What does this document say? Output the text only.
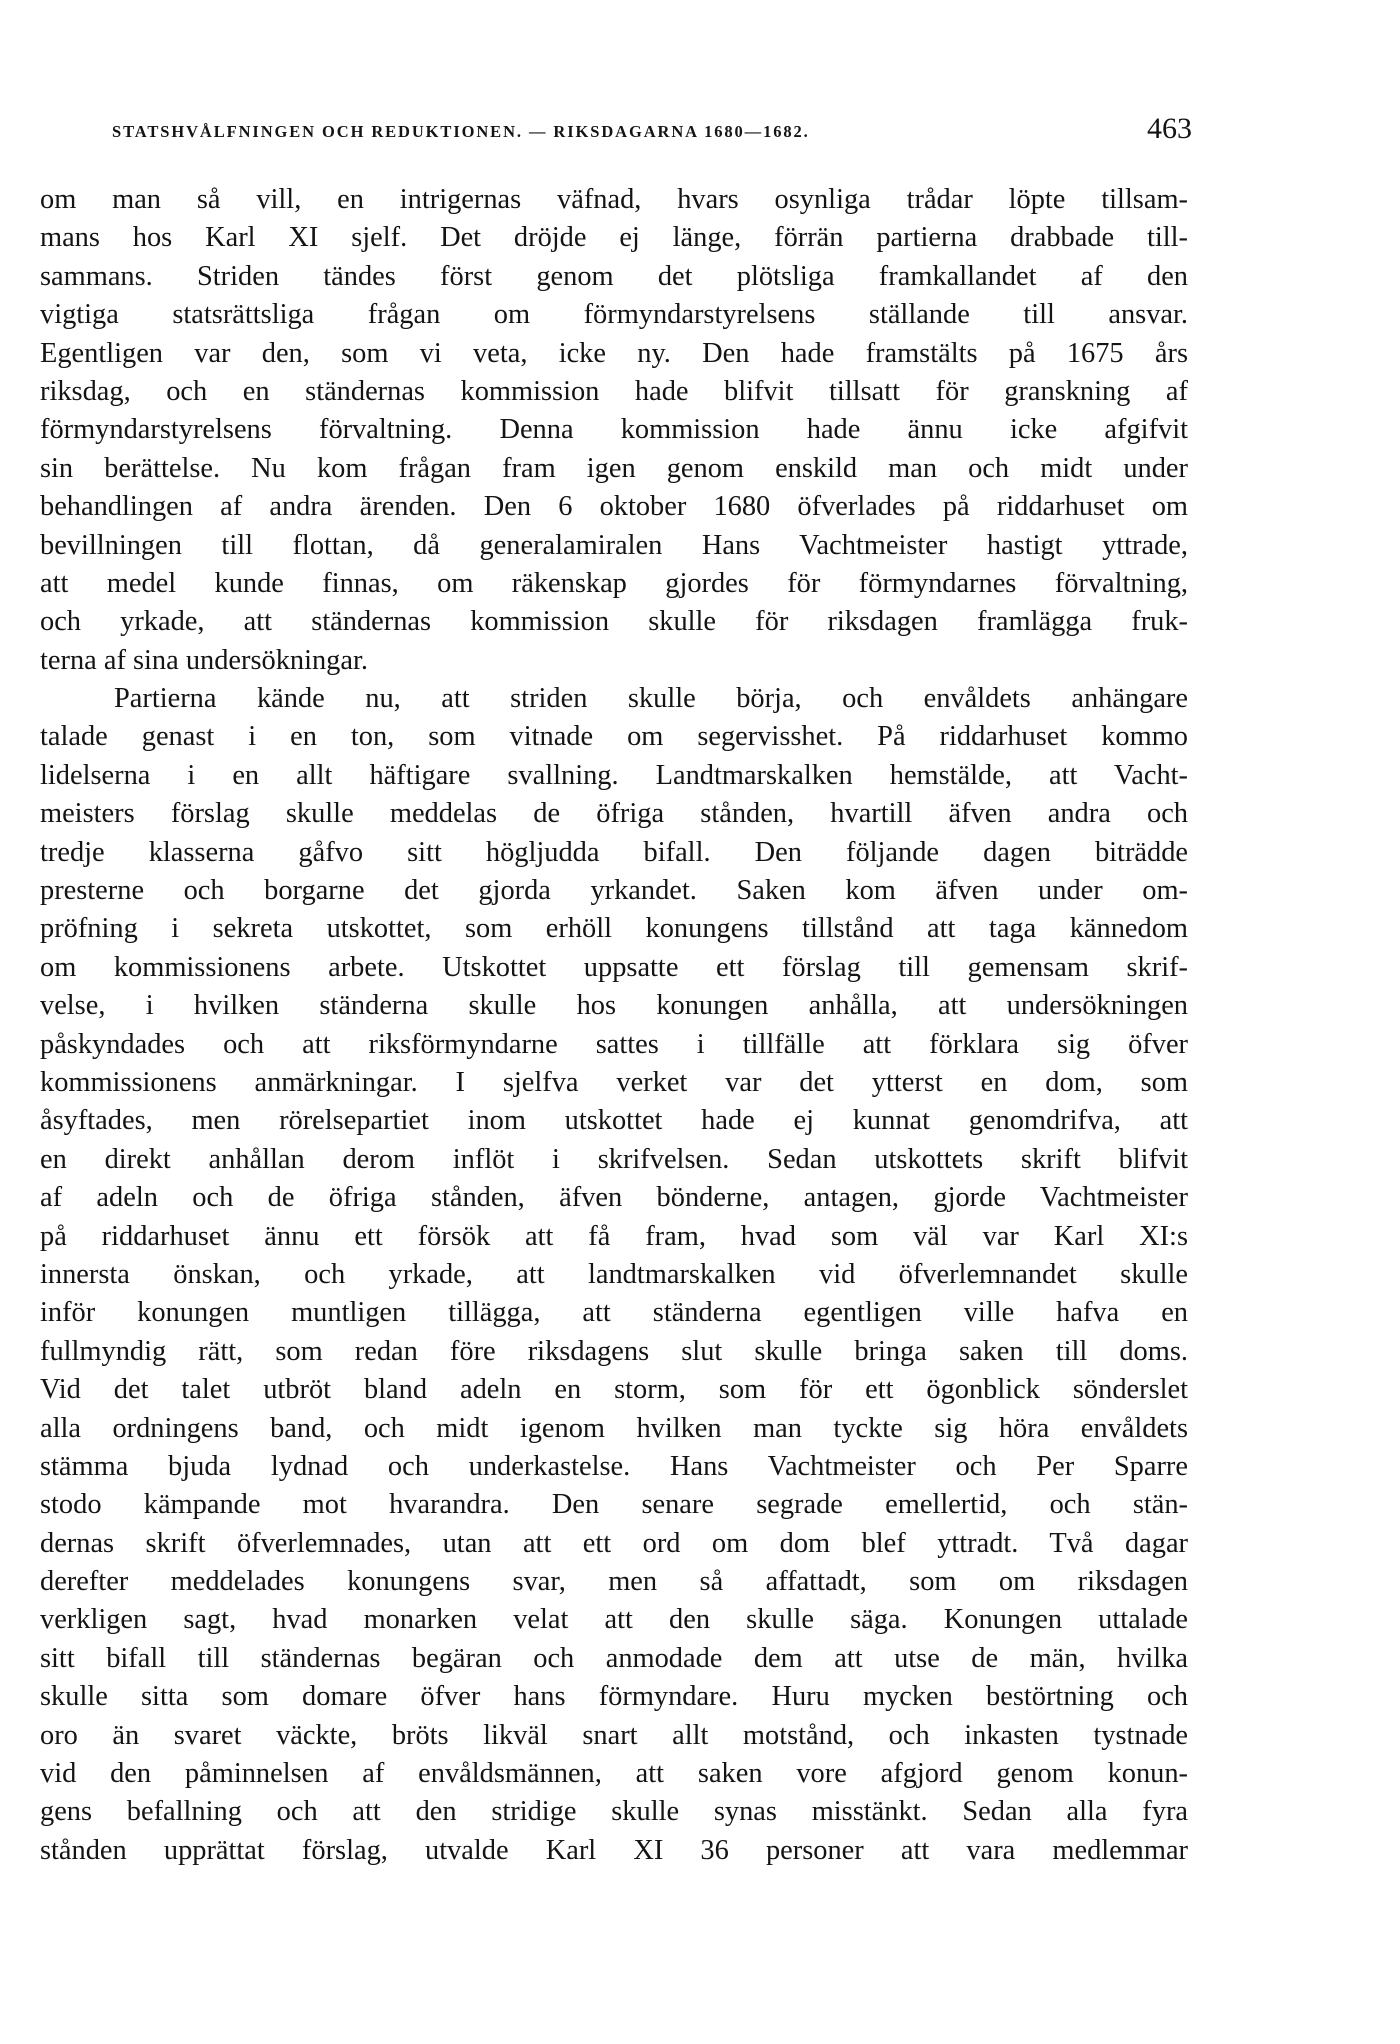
STATSHVÅLFNINGEN OCH REDUKTIONEN. — RIKSDAGARNA 1680—1682.	463
om man så vill, en intrigernas väfnad, hvars osynliga trådar löpte tillsam-
mans hos Karl XI sjelf. Det dröjde ej länge, förrän partierna drabbade till-
sammans. Striden tändes först genom det plötsliga framkallandet af den
vigtiga statsrättsliga frågan om förmyndarstyrelsens ställande till ansvar.
Egentligen var den, som vi veta, icke ny. Den hade framstälts på 1675 års
riksdag, och en ständernas kommission hade blifvit tillsatt för granskning af
förmyndarstyrelsens förvaltning. Denna kommission hade ännu icke afgifvit
sin berättelse. Nu kom frågan fram igen genom enskild man och midt under
behandlingen af andra ärenden. Den 6 oktober 1680 öfverlades på riddarhuset om
bevillningen till flottan, då generalamiralen Hans Vachtmeister hastigt yttrade,
att medel kunde finnas, om räkenskap gjordes för förmyndarnes förvaltning,
och yrkade, att ständernas kommission skulle för riksdagen framlägga fruk-
terna af sina undersökningar.
Partierna kände nu, att striden skulle börja, och envåldets anhängare
talade genast i en ton, som vitnade om segervisshet. På riddarhuset kommo
lidelserna i en allt häftigare svallning. Landtmarskalken hemstälde, att Vacht-
meisters förslag skulle meddelas de öfriga stånden, hvartill äfven andra och
tredje klasserna gåfvo sitt högljudda bifall. Den följande dagen biträdde
presterne och borgarne det gjorda yrkandet. Saken kom äfven under om-
pröfning i sekreta utskottet, som erhöll konungens tillstånd att taga kännedom
om kommissionens arbete. Utskottet uppsatte ett förslag till gemensam skrif-
velse, i hvilken ständerna skulle hos konungen anhålla, att undersökningen
påskyndades och att riksförmyndarne sattes i tillfälle att förklara sig öfver
kommissionens anmärkningar. I sjelfva verket var det ytterst en dom, som
åsyftades, men rörelsepartiet inom utskottet hade ej kunnat genomdrifva, att
en direkt anhållan derom inflöt i skrifvelsen. Sedan utskottets skrift blifvit
af adeln och de öfriga stånden, äfven bönderne, antagen, gjorde Vachtmeister
på riddarhuset ännu ett försök att få fram, hvad som väl var Karl XI:s
innersta önskan, och yrkade, att landtmarskalken vid öfverlemnandet skulle
inför konungen muntligen tillägga, att ständerna egentligen ville hafva en
fullmyndig rätt, som redan före riksdagens slut skulle bringa saken till doms.
Vid det talet utbröt bland adeln en storm, som för ett ögonblick sönderslet
alla ordningens band, och midt igenom hvilken man tyckte sig höra envåldets
stämma bjuda lydnad och underkastelse. Hans Vachtmeister och Per Sparre
stodo kämpande mot hvarandra. Den senare segrade emellertid, och stän-
dernas skrift öfverlemnades, utan att ett ord om dom blef yttradt. Två dagar
derefter meddelades konungens svar, men så affattadt, som om riksdagen
verkligen sagt, hvad monarken velat att den skulle säga. Konungen uttalade
sitt bifall till ständernas begäran och anmodade dem att utse de män, hvilka
skulle sitta som domare öfver hans förmyndare. Huru mycken bestörtning och
oro än svaret väckte, bröts likväl snart allt motstånd, och inkasten tystnade
vid den påminnelsen af envåldsmännen, att saken vore afgjord genom konun-
gens befallning och att den stridige skulle synas misstänkt. Sedan alla fyra
stånden upprättat förslag, utvalde Karl XI 36 personer att vara medlemmar
